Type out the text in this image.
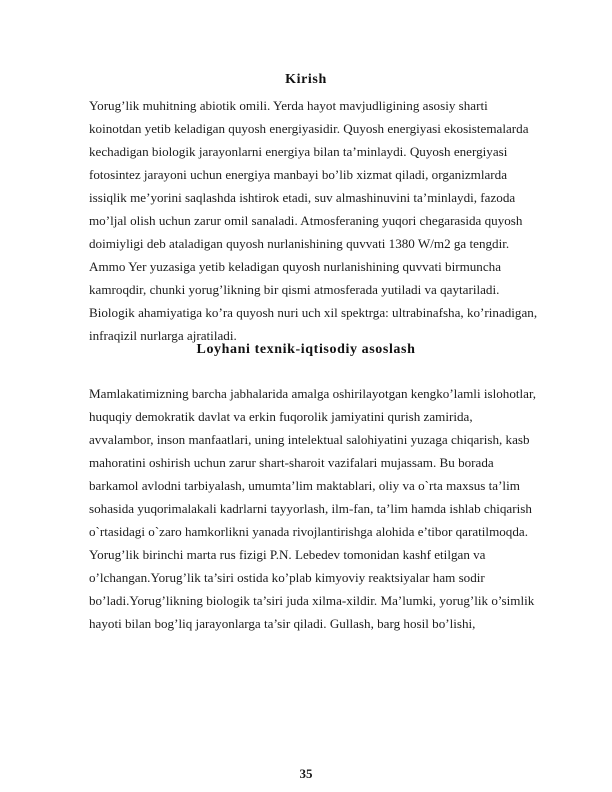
Kirish
Yorug’lik muhitning abiotik omili. Yerda hayot mavjudligining asosiy sharti
koinotdan yetib keladigan quyosh energiyasidir. Quyosh energiyasi ekosistemalarda
kechadigan biologik jarayonlarni energiya bilan ta’minlaydi. Quyosh energiyasi
fotosintez jarayoni uchun energiya manbayi bo’lib xizmat qiladi, organizmlarda
issiqlik me’yorini saqlashda ishtirok etadi, suv almashinuvini ta’minlaydi, fazoda
mo’ljal olish uchun zarur omil sanaladi. Atmosferaning yuqori chegarasida quyosh
doimiyligi deb ataladigan quyosh nurlanishining quvvati 1380 W/m2 ga tengdir.
Ammo Yer yuzasiga yetib keladigan quyosh nurlanishining quvvati birmuncha
kamroqdir, chunki yorug’likning bir qismi atmosferada yutiladi va qaytariladi.
Biologik ahamiyatiga ko’ra quyosh nuri uch xil spektrga: ultrabinafsha, ko’rinadigan,
infraqizil nurlarga ajratiladi.
Loyhani texnik-iqtisodiy asoslash
Mamlakatimizning barcha jabhalarida amalga oshirilayotgan kengko’lamli islohotlar,
huquqiy demokratik davlat va erkin fuqorolik jamiyatini qurish zamirida,
avvalambor, inson manfaatlari, uning intelektual salohiyatini yuzaga chiqarish, kasb
mahoratini oshirish uchun zarur shart-sharoit vazifalari mujassam. Bu borada
barkamol avlodni tarbiyalash, umumta’lim maktablari, oliy va o`rta maxsus ta’lim
sohasida yuqorimalakali kadrlarni tayyorlash, ilm-fan, ta’lim hamda ishlab chiqarish
o`rtasidagi o`zaro hamkorlikni yanada rivojlantirishga alohida e’tibor qaratilmoqda.
Yorug’lik birinchi marta rus fizigi P.N. Lebedev tomonidan kashf etilgan va
o’lchangan.Yorug’lik ta’siri ostida ko’plab kimyoviy reaktsiyalar ham sodir
bo’ladi.Yorug’likning biologik ta’siri juda xilma-xildir. Ma’lumki, yorug’lik o’simlik
hayoti bilan bog’liq jarayonlarga ta’sir qiladi. Gullash, barg hosil bo’lishi,
35
